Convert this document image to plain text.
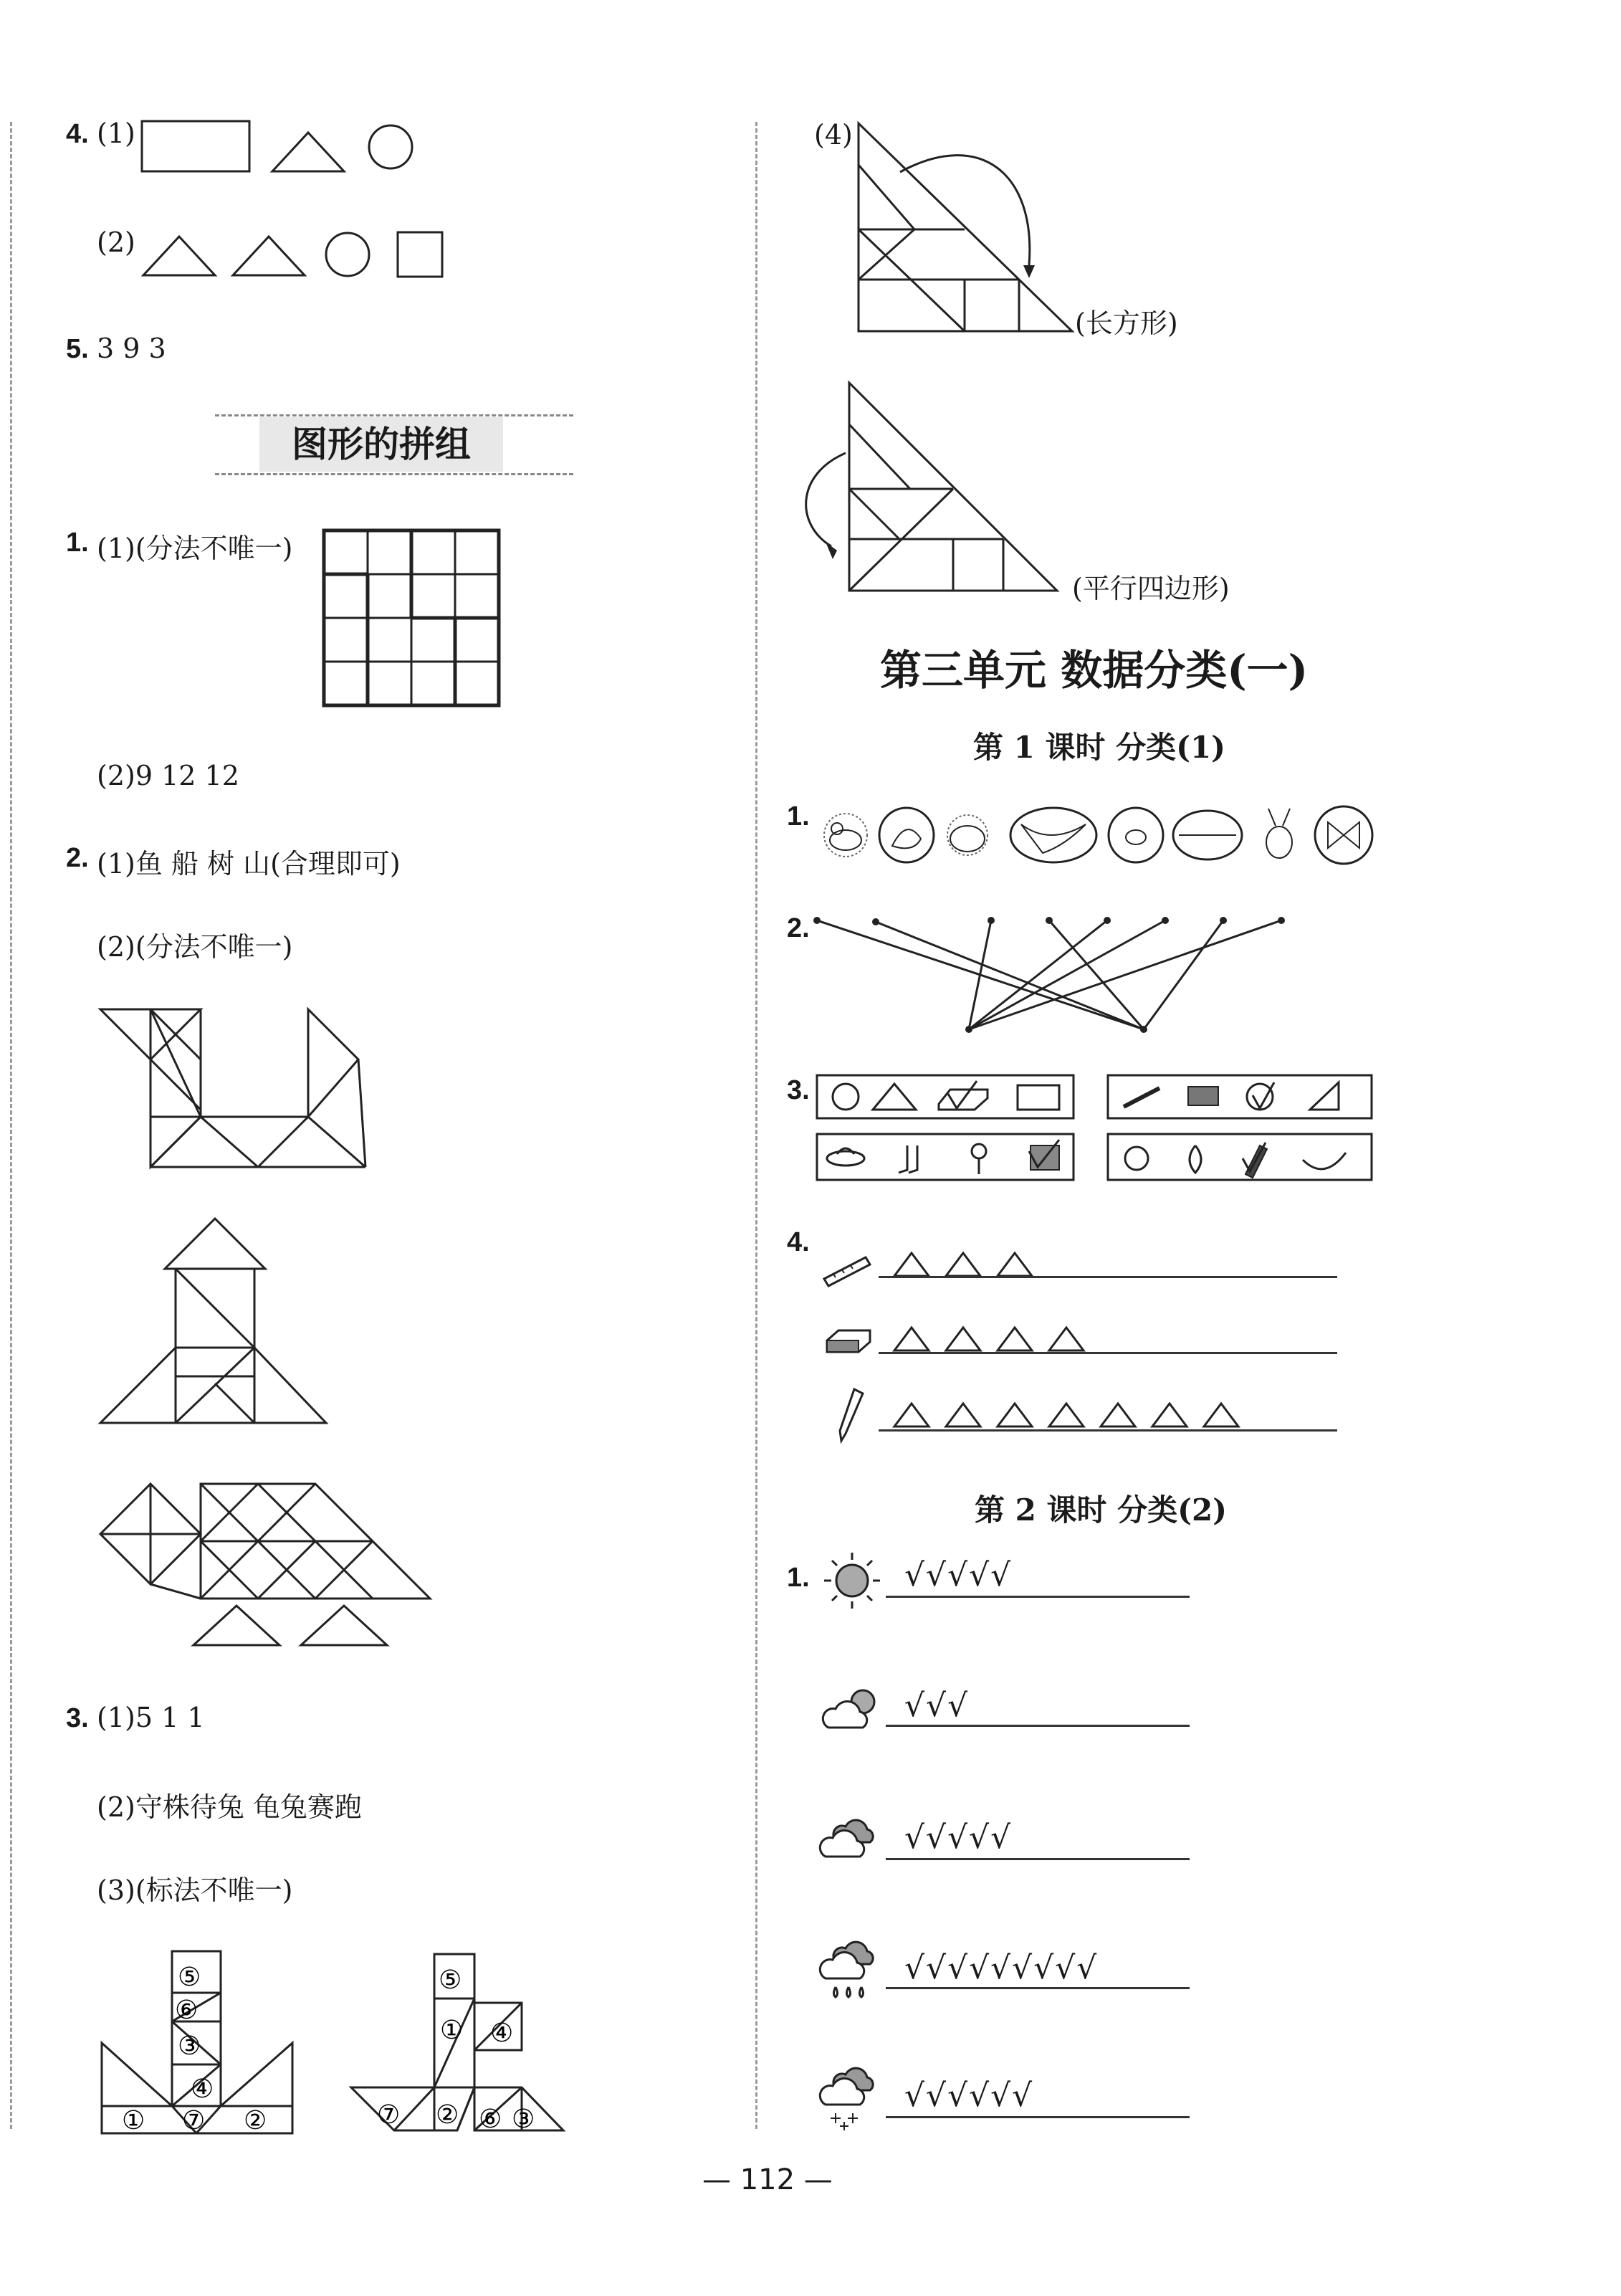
4. (1)
(2)
5. 3 9 3
图形的拼组
1. (1)(分法不唯一)
(2)9 12 12
2. (1)鱼 船 树 山(合理即可)
(2)(分法不唯一)
3. (1)5 1 1
(2)守株待兔 龟兔赛跑
(3)(标法不唯一)
⑤
⑥
③
④
① ⑦ ②
⑤
① ④
⑦ ② ⑥ ③
(4)
(长方形)
(平行四边形)
第三单元 数据分类(一)
第 1 课时 分类(1)
1.
2.
3.
4.
第 2 课时 分类(2)
1.	√√√√√
√√√
√√√√√
√√√√√√√√√
√√√√√√
— 112 —
